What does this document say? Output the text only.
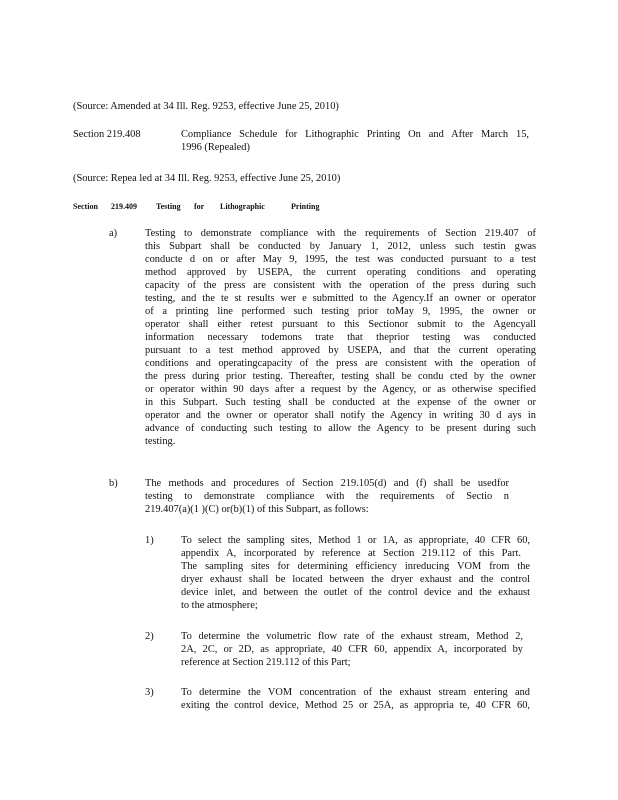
(Source: Amended at 34 Ill. Reg. 9253, effective June 25, 2010)
Section 219.408	Compliance Schedule for Lithographic Printing On and After March 15,
1996 (Repealed)
(Source: Repea led at 34 Ill. Reg. 9253, effective June 25, 2010)
Section 219.409 Testing for Lithographic	Printing
a)	Testing to demonstrate compliance with the requirements of Section 219.407 of
this Subpart shall be conducted by January 1, 2012, unless such testin gwas
conducte d on or after May 9, 1995, the test was conducted pursuant to a test
method approved by USEPA, the current operating conditions and operating
capacity of the press are consistent with the operation of the press during such
testing, and the te st results wer e submitted to the Agency.If an owner or operator
of a printing line performed such testing prior toMay 9, 1995, the owner or
operator shall either retest pursuant to this Sectionor submit to the Agencyall
information necessary todemons trate that theprior testing was conducted
pursuant to a test method approved by USEPA, and that the current operating
conditions and operatingcapacity of the press are consistent with the operation of
the press during prior testing. Thereafter, testing shall be condu cted by the owner
or operator within 90 days after a request by the Agency, or as otherwise specified
in this Subpart. Such testing shall be conducted at the expense of the owner or
operator and the owner or operator shall notify the Agency in writing 30 d ays in
advance of conducting such testing to allow the Agency to be present during such
testing.
b)	The methods and procedures of Section 219.105(d) and (f) shall be usedfor
testing to demonstrate compliance with the requirements of Sectio n
219.407(a)(1 )(C) or(b)(1) of this Subpart, as follows:
1)	To select the sampling sites, Method 1 or 1A, as appropriate, 40 CFR 60,
appendix A, incorporated by reference at Section 219.112 of this Part.
The sampling sites for determining efficiency inreducing VOM from the
dryer exhaust shall be located between the dryer exhaust and the control
device inlet, and between the outlet of the control device and the exhaust
to the atmosphere;
2)	To determine the volumetric flow rate of the exhaust stream, Method 2,
2A, 2C, or 2D, as appropriate, 40 CFR 60, appendix A, incorporated by
reference at Section 219.112 of this Part;
3)	To determine the VOM concentration of the exhaust stream entering and
exiting the control device, Method 25 or 25A, as appropria te, 40 CFR 60,
